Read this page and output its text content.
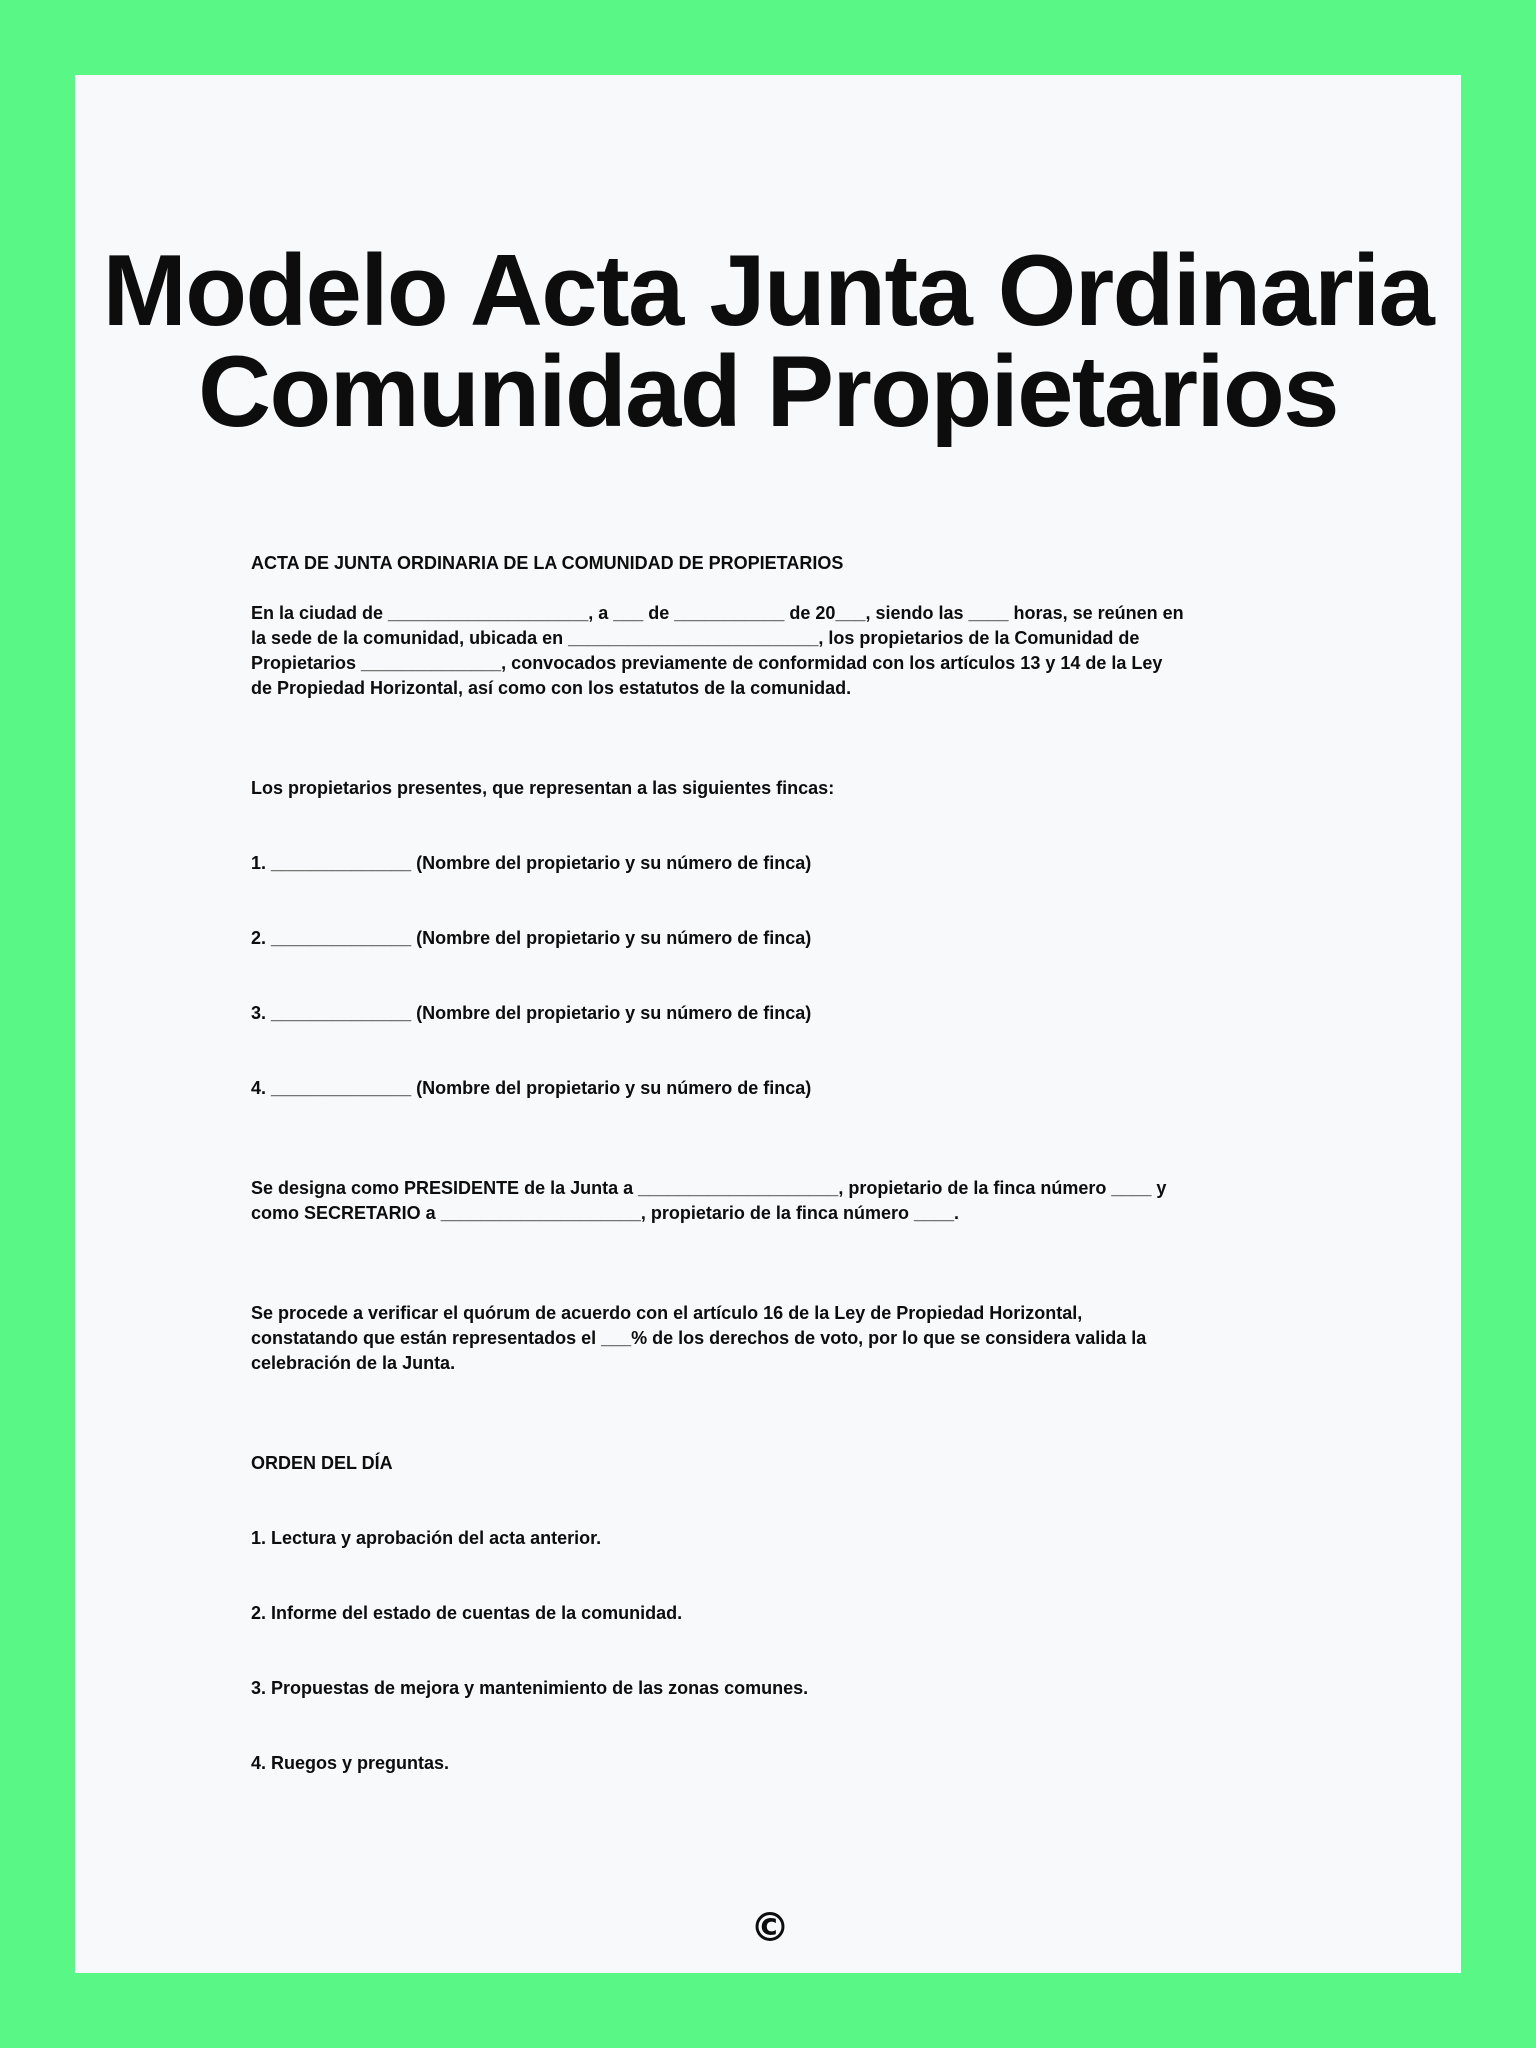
Modelo Acta Junta Ordinaria
Comunidad Propietarios
ACTA DE JUNTA ORDINARIA DE LA COMUNIDAD DE PROPIETARIOS
En la ciudad de ____________________, a ___ de ___________ de 20___, siendo las ____ horas, se reúnen en
la sede de la comunidad, ubicada en _________________________, los propietarios de la Comunidad de
Propietarios ______________, convocados previamente de conformidad con los artículos 13 y 14 de la Ley
de Propiedad Horizontal, así como con los estatutos de la comunidad.
Los propietarios presentes, que representan a las siguientes fincas:
1. ______________ (Nombre del propietario y su número de finca)
2. ______________ (Nombre del propietario y su número de finca)
3. ______________ (Nombre del propietario y su número de finca)
4. ______________ (Nombre del propietario y su número de finca)
Se designa como PRESIDENTE de la Junta a ____________________, propietario de la finca número ____ y
como SECRETARIO a ____________________, propietario de la finca número ____.
Se procede a verificar el quórum de acuerdo con el artículo 16 de la Ley de Propiedad Horizontal,
constatando que están representados el ___% de los derechos de voto, por lo que se considera valida la
celebración de la Junta.
ORDEN DEL DÍA
1. Lectura y aprobación del acta anterior.
2. Informe del estado de cuentas de la comunidad.
3. Propuestas de mejora y mantenimiento de las zonas comunes.
4. Ruegos y preguntas.
©
